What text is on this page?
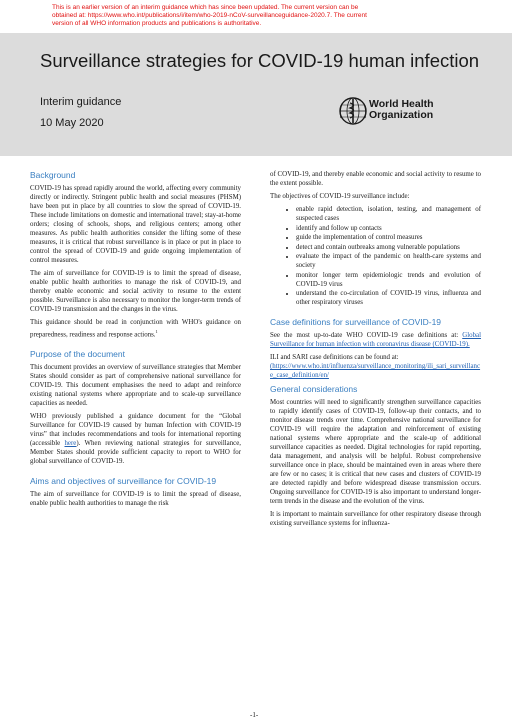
This is an earlier version of an interim guidance which has since been updated. The current version can be
obtained at: https://www.who.int/publications/i/item/who-2019-nCoV-surveillanceguidance-2020.7. The current
version of all WHO information products and publications is authoritative.
Surveillance strategies for COVID-19 human infection
Interim guidance
10 May 2020
World Health
Organization
Background

COVID-19 has spread rapidly around the world, affecting every community directly or indirectly. Stringent public health and social measures (PHSM) have been put in place by all countries to slow the spread of COVID-19. These include limitations on domestic and international travel; stay-at-home orders; closing of schools, shops, and religious centers; among other measures. As public health authorities consider the lifting some of these measures, it is critical that robust surveillance is in place or put in place to control the spread of COVID-19 and guide ongoing implementation of control measures.

The aim of surveillance for COVID-19 is to limit the spread of disease, enable public health authorities to manage the risk of COVID-19, and thereby enable economic and social activity to resume to the extent possible. Surveillance is also necessary to monitor the longer-term trends of COVID-19 transmission and the changes in the virus.

This guidance should be read in conjunction with WHO's guidance on preparedness, readiness and response actions.$^1$

Purpose of the document

This document provides an overview of surveillance strategies that Member States should consider as part of comprehensive national surveillance for COVID-19. This document emphasises the need to adapt and reinforce existing national systems where appropriate and to scale-up surveillance capacities as needed.

WHO previously published a guidance document for the “Global Surveillance for COVID-19 caused by human Infection with COVID-19 virus” that includes recommendations and tools for international reporting (accessible here). When reviewing national strategies for surveillance, Member States should provide sufficient capacity to report to WHO for global surveillance of COVID-19.

Aims and objectives of surveillance for COVID-19

The aim of surveillance for COVID-19 is to limit the spread of disease, enable public health authorities to manage the risk

of COVID-19, and thereby enable economic and social activity to resume to the extent possible.

The objectives of COVID-19 surveillance include:

• enable rapid detection, isolation, testing, and management of suspected cases
• identify and follow up contacts
• guide the implementation of control measures
• detect and contain outbreaks among vulnerable populations
• evaluate the impact of the pandemic on health-care systems and society
• monitor longer term epidemiologic trends and evolution of COVID-19 virus
• understand the co-circulation of COVID-19 virus, influenza and other respiratory viruses
Case definitions for surveillance of COVID-19

See the most up-to-date WHO COVID-19 case definitions at: Global Surveillance for human infection with coronavirus disease (COVID-19).

ILI and SARI case definitions can be found at:
(https://www.who.int/influenza/surveillance_monitoring/ili_sari_surveillance_case_definition/en/

General considerations

Most countries will need to significantly strengthen surveillance capacities to rapidly identify cases of COVID-19, follow-up their contacts, and to monitor disease trends over time. Comprehensive national surveillance for COVID-19 will require the adaptation and reinforcement of existing national systems where appropriate and the scale-up of additional surveillance capacities as needed. Digital technologies for rapid reporting, data management, and analysis will be helpful. Robust comprehensive surveillance once in place, should be maintained even in areas where there are few or no cases; it is critical that new cases and clusters of COVID-19 are detected rapidly and before widespread disease transmission occurs. Ongoing surveillance for COVID-19 is also important to understand longer-term trends in the disease and the evolution of the virus.

It is important to maintain surveillance for other respiratory disease through existing surveillance systems for influenza-

-1-
